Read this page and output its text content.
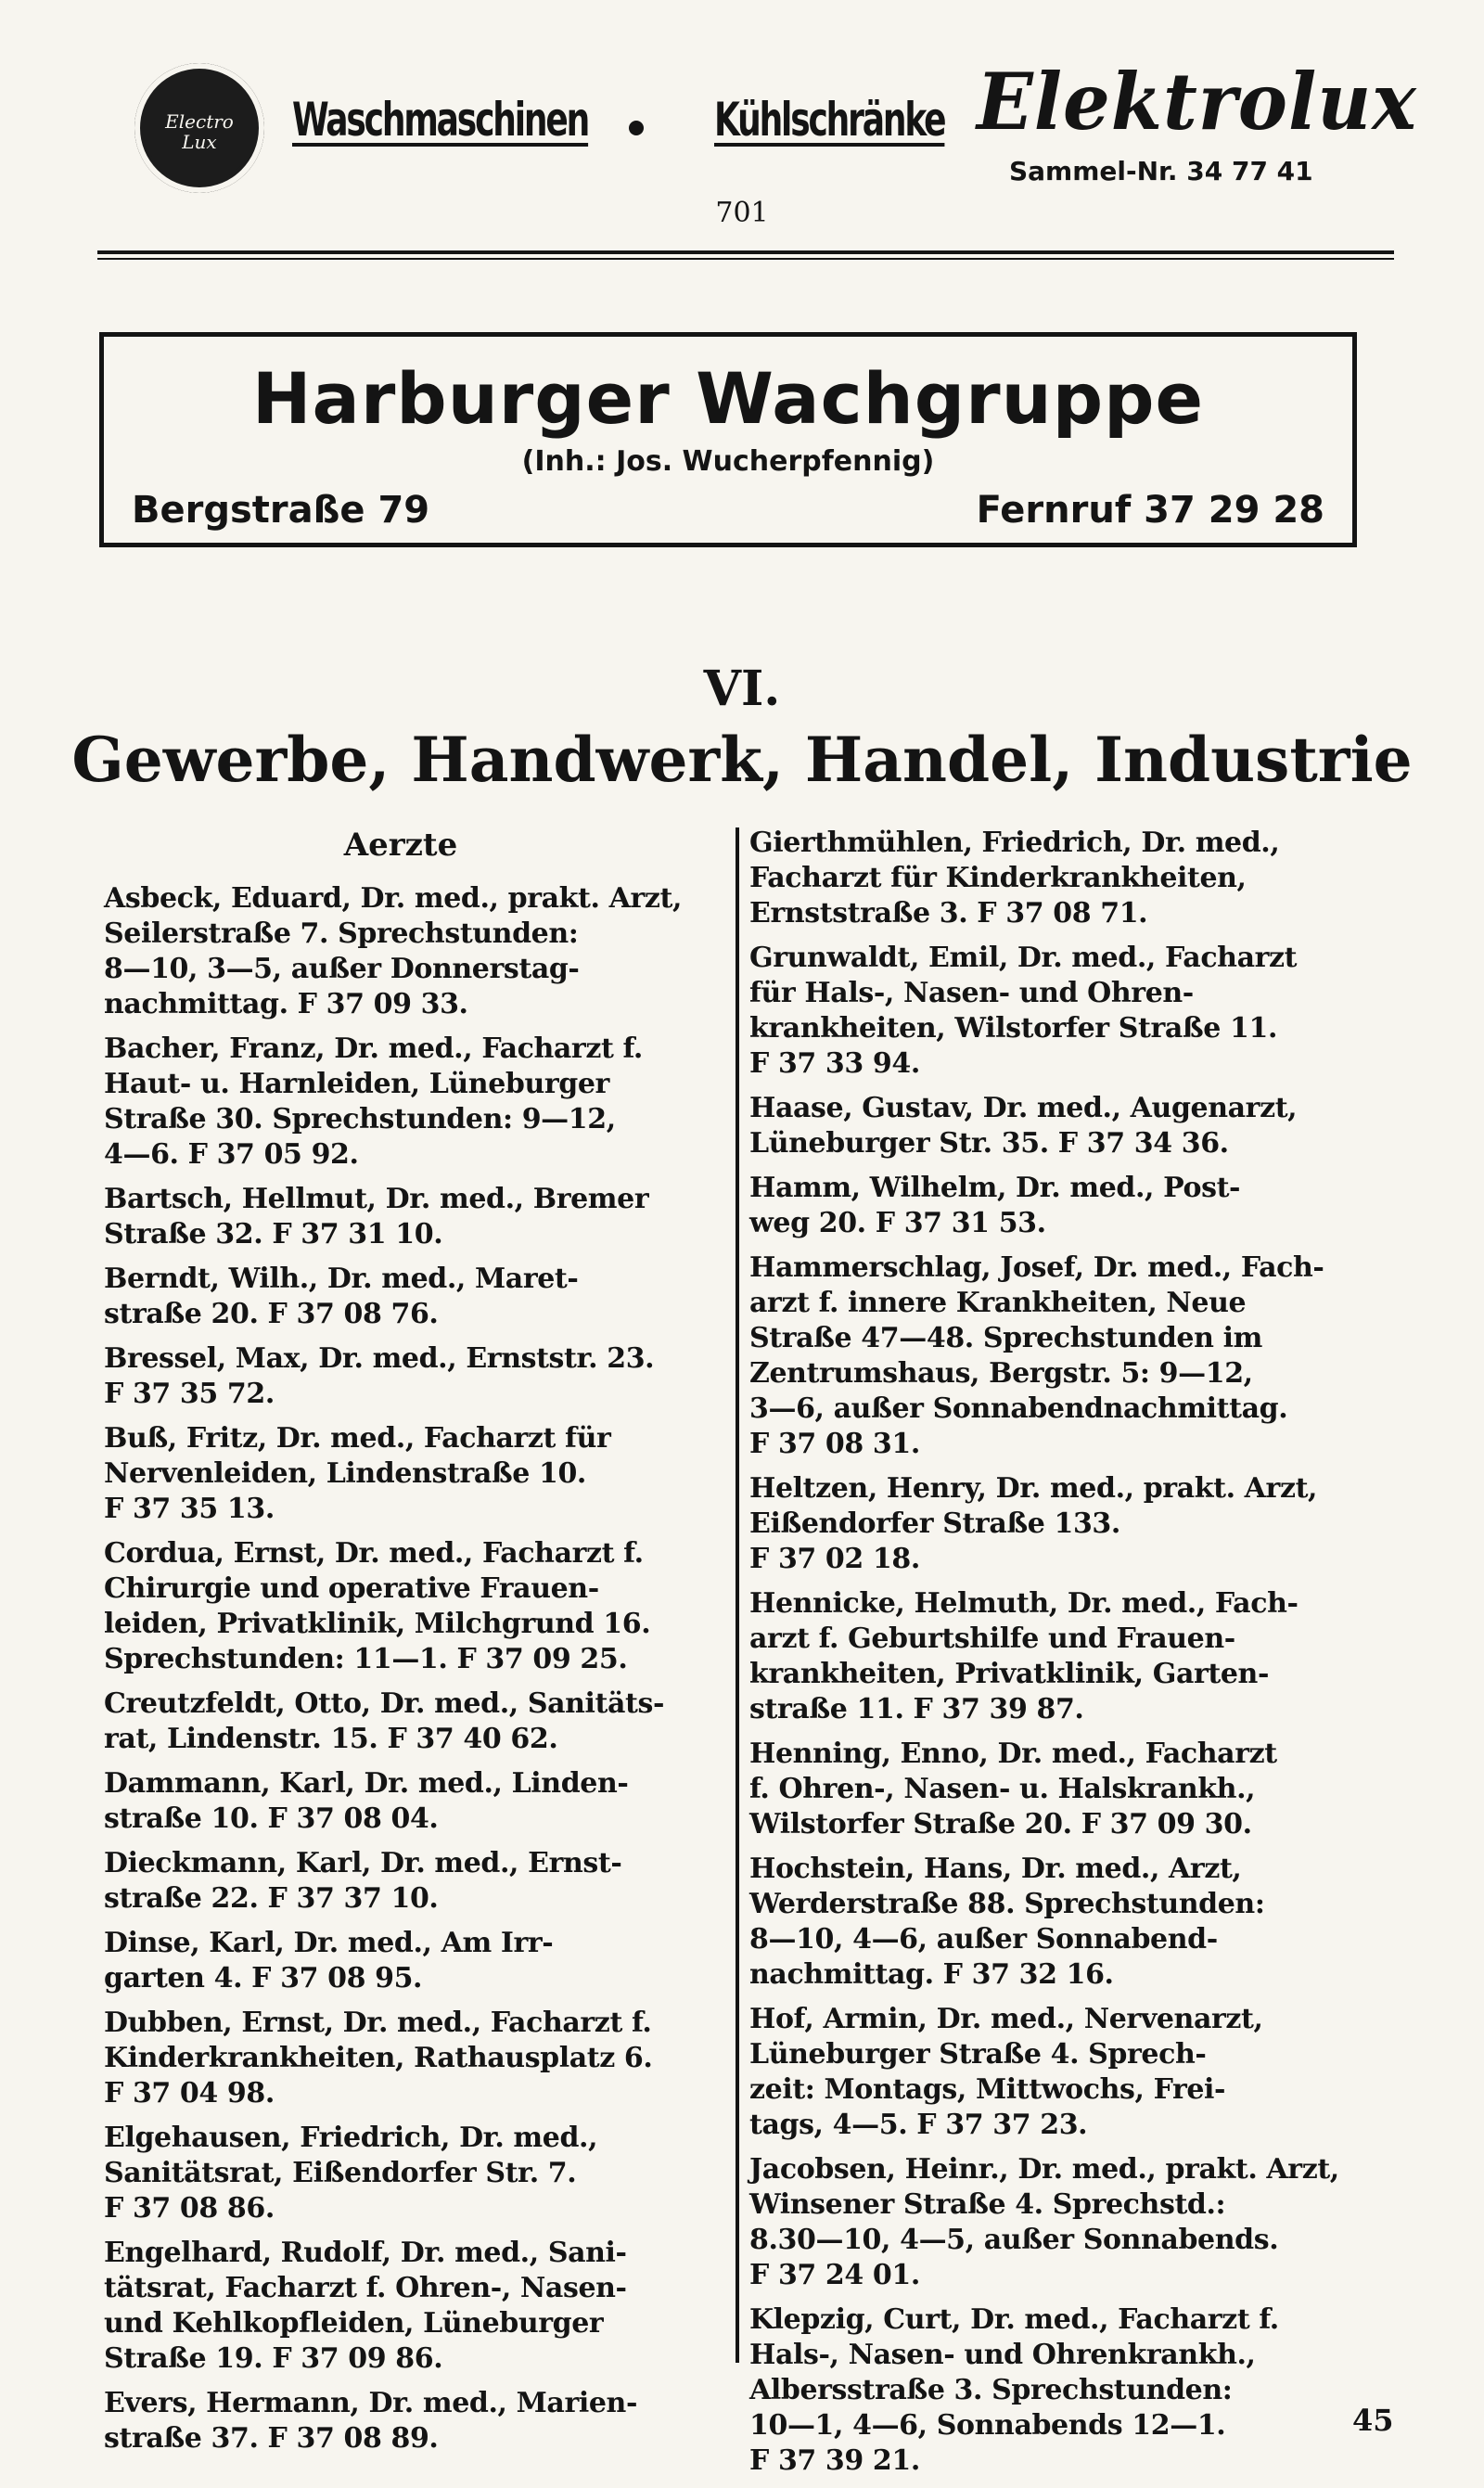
Electro
Lux	Waschmaschinen	Kühlschränke Elektrolux
Sammel-Nr. 34 77 41
701
Harburger Wachgruppe
(Inh.: Jos. Wucherpfennig)
Bergstraße 79	Fernruf 37 29 28
VI.
Gewerbe, Handwerk, Handel, Industrie
Aerzte
Asbeck, Eduard, Dr. med., prakt. Arzt,
Seilerstraße 7. Sprechstunden:
8—10, 3—5, außer Donnerstag-
nachmittag. F 37 09 33.
Bacher, Franz, Dr. med., Facharzt f.
Haut- u. Harnleiden, Lüneburger
Straße 30. Sprechstunden: 9—12,
4—6. F 37 05 92.
Bartsch, Hellmut, Dr. med., Bremer
Straße 32. F 37 31 10.
Berndt, Wilh., Dr. med., Maret-
straße 20. F 37 08 76.
Bressel, Max, Dr. med., Ernststr. 23.
F 37 35 72.
Buß, Fritz, Dr. med., Facharzt für
Nervenleiden, Lindenstraße 10.
F 37 35 13.
Cordua, Ernst, Dr. med., Facharzt f.
Chirurgie und operative Frauen-
leiden, Privatklinik, Milchgrund 16.
Sprechstunden: 11—1. F 37 09 25.
Creutzfeldt, Otto, Dr. med., Sanitäts-
rat, Lindenstr. 15. F 37 40 62.
Dammann, Karl, Dr. med., Linden-
straße 10. F 37 08 04.
Dieckmann, Karl, Dr. med., Ernst-
straße 22. F 37 37 10.
Dinse, Karl, Dr. med., Am Irr-
garten 4. F 37 08 95.
Dubben, Ernst, Dr. med., Facharzt f.
Kinderkrankheiten, Rathausplatz 6.
F 37 04 98.
Elgehausen, Friedrich, Dr. med.,
Sanitätsrat, Eißendorfer Str. 7.
F 37 08 86.
Engelhard, Rudolf, Dr. med., Sani-
tätsrat, Facharzt f. Ohren-, Nasen-
und Kehlkopfleiden, Lüneburger
Straße 19. F 37 09 86.
Evers, Hermann, Dr. med., Marien-
straße 37. F 37 08 89.
Gierthmühlen, Friedrich, Dr. med.,
Facharzt für Kinderkrankheiten,
Ernststraße 3. F 37 08 71.
Grunwaldt, Emil, Dr. med., Facharzt
für Hals-, Nasen- und Ohren-
krankheiten, Wilstorfer Straße 11.
F 37 33 94.
Haase, Gustav, Dr. med., Augenarzt,
Lüneburger Str. 35. F 37 34 36.
Hamm, Wilhelm, Dr. med., Post-
weg 20. F 37 31 53.
Hammerschlag, Josef, Dr. med., Fach-
arzt f. innere Krankheiten, Neue
Straße 47—48. Sprechstunden im
Zentrumshaus, Bergstr. 5: 9—12,
3—6, außer Sonnabendnachmittag.
F 37 08 31.
Heltzen, Henry, Dr. med., prakt. Arzt,
Eißendorfer Straße 133.
F 37 02 18.
Hennicke, Helmuth, Dr. med., Fach-
arzt f. Geburtshilfe und Frauen-
krankheiten, Privatklinik, Garten-
straße 11. F 37 39 87.
Henning, Enno, Dr. med., Facharzt
f. Ohren-, Nasen- u. Halskrankh.,
Wilstorfer Straße 20. F 37 09 30.
Hochstein, Hans, Dr. med., Arzt,
Werderstraße 88. Sprechstunden:
8—10, 4—6, außer Sonnabend-
nachmittag. F 37 32 16.
Hof, Armin, Dr. med., Nervenarzt,
Lüneburger Straße 4. Sprech-
zeit: Montags, Mittwochs, Frei-
tags, 4—5. F 37 37 23.
Jacobsen, Heinr., Dr. med., prakt. Arzt,
Winsener Straße 4. Sprechstd.:
8.30—10, 4—5, außer Sonnabends.
F 37 24 01.
Klepzig, Curt, Dr. med., Facharzt f.
Hals-, Nasen- und Ohrenkrankh.,
Albersstraße 3. Sprechstunden:
10—1, 4—6, Sonnabends 12—1.
F 37 39 21.
45
